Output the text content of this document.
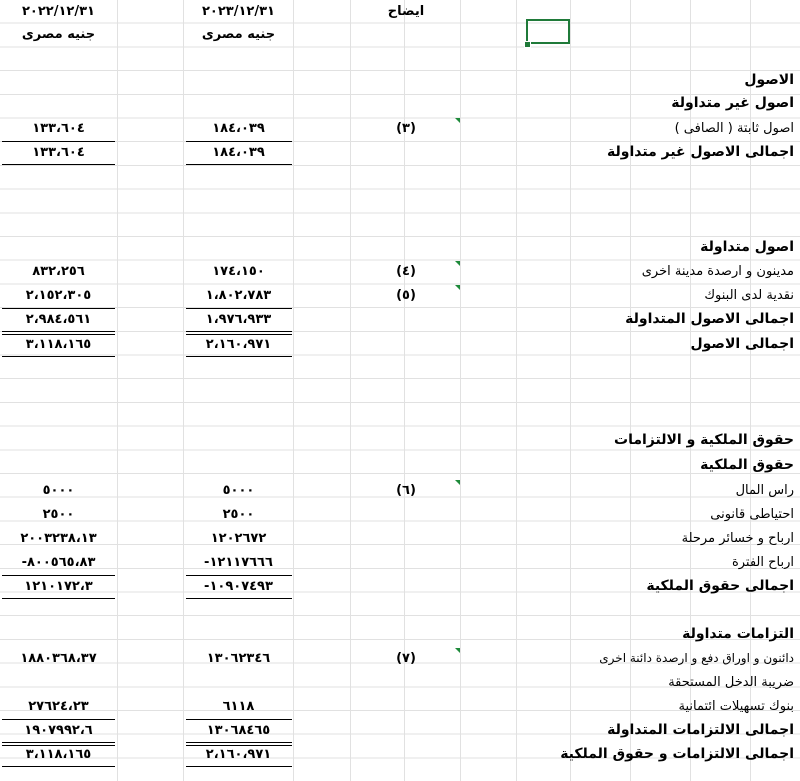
٢٠٢٣/١٢/٣١
٢٠٢٢/١٢/٣١	ايضاح
جنيه مصرى
جنيه مصرى
الاصول
اصول غير متداولة
اصول ثابتة ( الصافى )
(٣)
١٨٤،٠٣٩
١٣٣،٦٠٤
اجمالى الاصول غير متداولة
١٨٤،٠٣٩
١٣٣،٦٠٤
اصول متداولة
مدينون و ارصدة مدينة اخرى
(٤)
١٧٤،١٥٠
٨٣٢،٢٥٦
نقدية لدى البنوك
(٥)
١،٨٠٢،٧٨٣
٢،١٥٢،٣٠٥
اجمالى الاصول المتداولة
١،٩٧٦،٩٣٣
٢،٩٨٤،٥٦١
اجمالى الاصول
٢،١٦٠،٩٧١
٣،١١٨،١٦٥
حقوق الملكية و الالتزامات
حقوق الملكية
راس المال
(٦)
٥٠٠٠
٥٠٠٠
احتياطى قانونى
٢٥٠٠
٢٥٠٠
ارباح و خسائر مرحلة
١٢٠٢٦٧٢
٢٠٠٣٢٣٨،١٣
ارباح الفترة
-١٢١١٧٦٦٦
-٨٠٠٥٦٥،٨٣
اجمالى حقوق الملكية
-١٠٩٠٧٤٩٣
١٢١٠١٧٢،٣
التزامات متداولة
دائنون و اوراق دفع و ارصدة دائنة اخرى
(٧)
١٣٠٦٢٣٤٦
١٨٨٠٣٦٨،٣٧
ضريبة الدخل المستحقة
بنوك تسهيلات ائتمانية
٦١١٨
٢٧٦٢٤،٢٣
اجمالى الالتزامات المتداولة
١٣٠٦٨٤٦٥
١٩٠٧٩٩٢،٦
اجمالى الالتزامات و حقوق الملكية
٢،١٦٠،٩٧١
٣،١١٨،١٦٥
